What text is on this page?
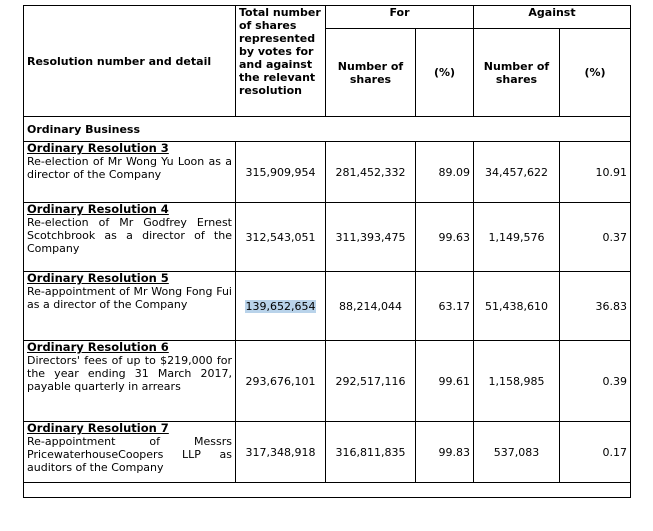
Resolution number and detail	Total number of shares represented by votes for and against the relevant resolution	For		Against	
		Number of shares	(%)	Number of shares	(%)
Ordinary Business					

Ordinary Resolution 3
Re-election of Mr Wong Yu Loon as a director of the Company	315,909,954	281,452,332	89.09	34,457,622	10.91

Ordinary Resolution 4
Re-election of Mr Godfrey Ernest Scotchbrook as a director of the Company	312,543,051	311,393,475	99.63	1,149,576	0.37

Ordinary Resolution 5
Re-appointment of Mr Wong Fong Fui as a director of the Company	139,652,654	88,214,044	63.17	51,438,610	36.83

Ordinary Resolution 6
Directors' fees of up to $219,000 for the year ending 31 March 2017, payable quarterly in arrears	293,676,101	292,517,116	99.61	1,158,985	0.39

Ordinary Resolution 7
Re-appointment of Messrs PricewaterhouseCoopers LLP as auditors of the Company	317,348,918	316,811,835	99.83	537,083	0.17
